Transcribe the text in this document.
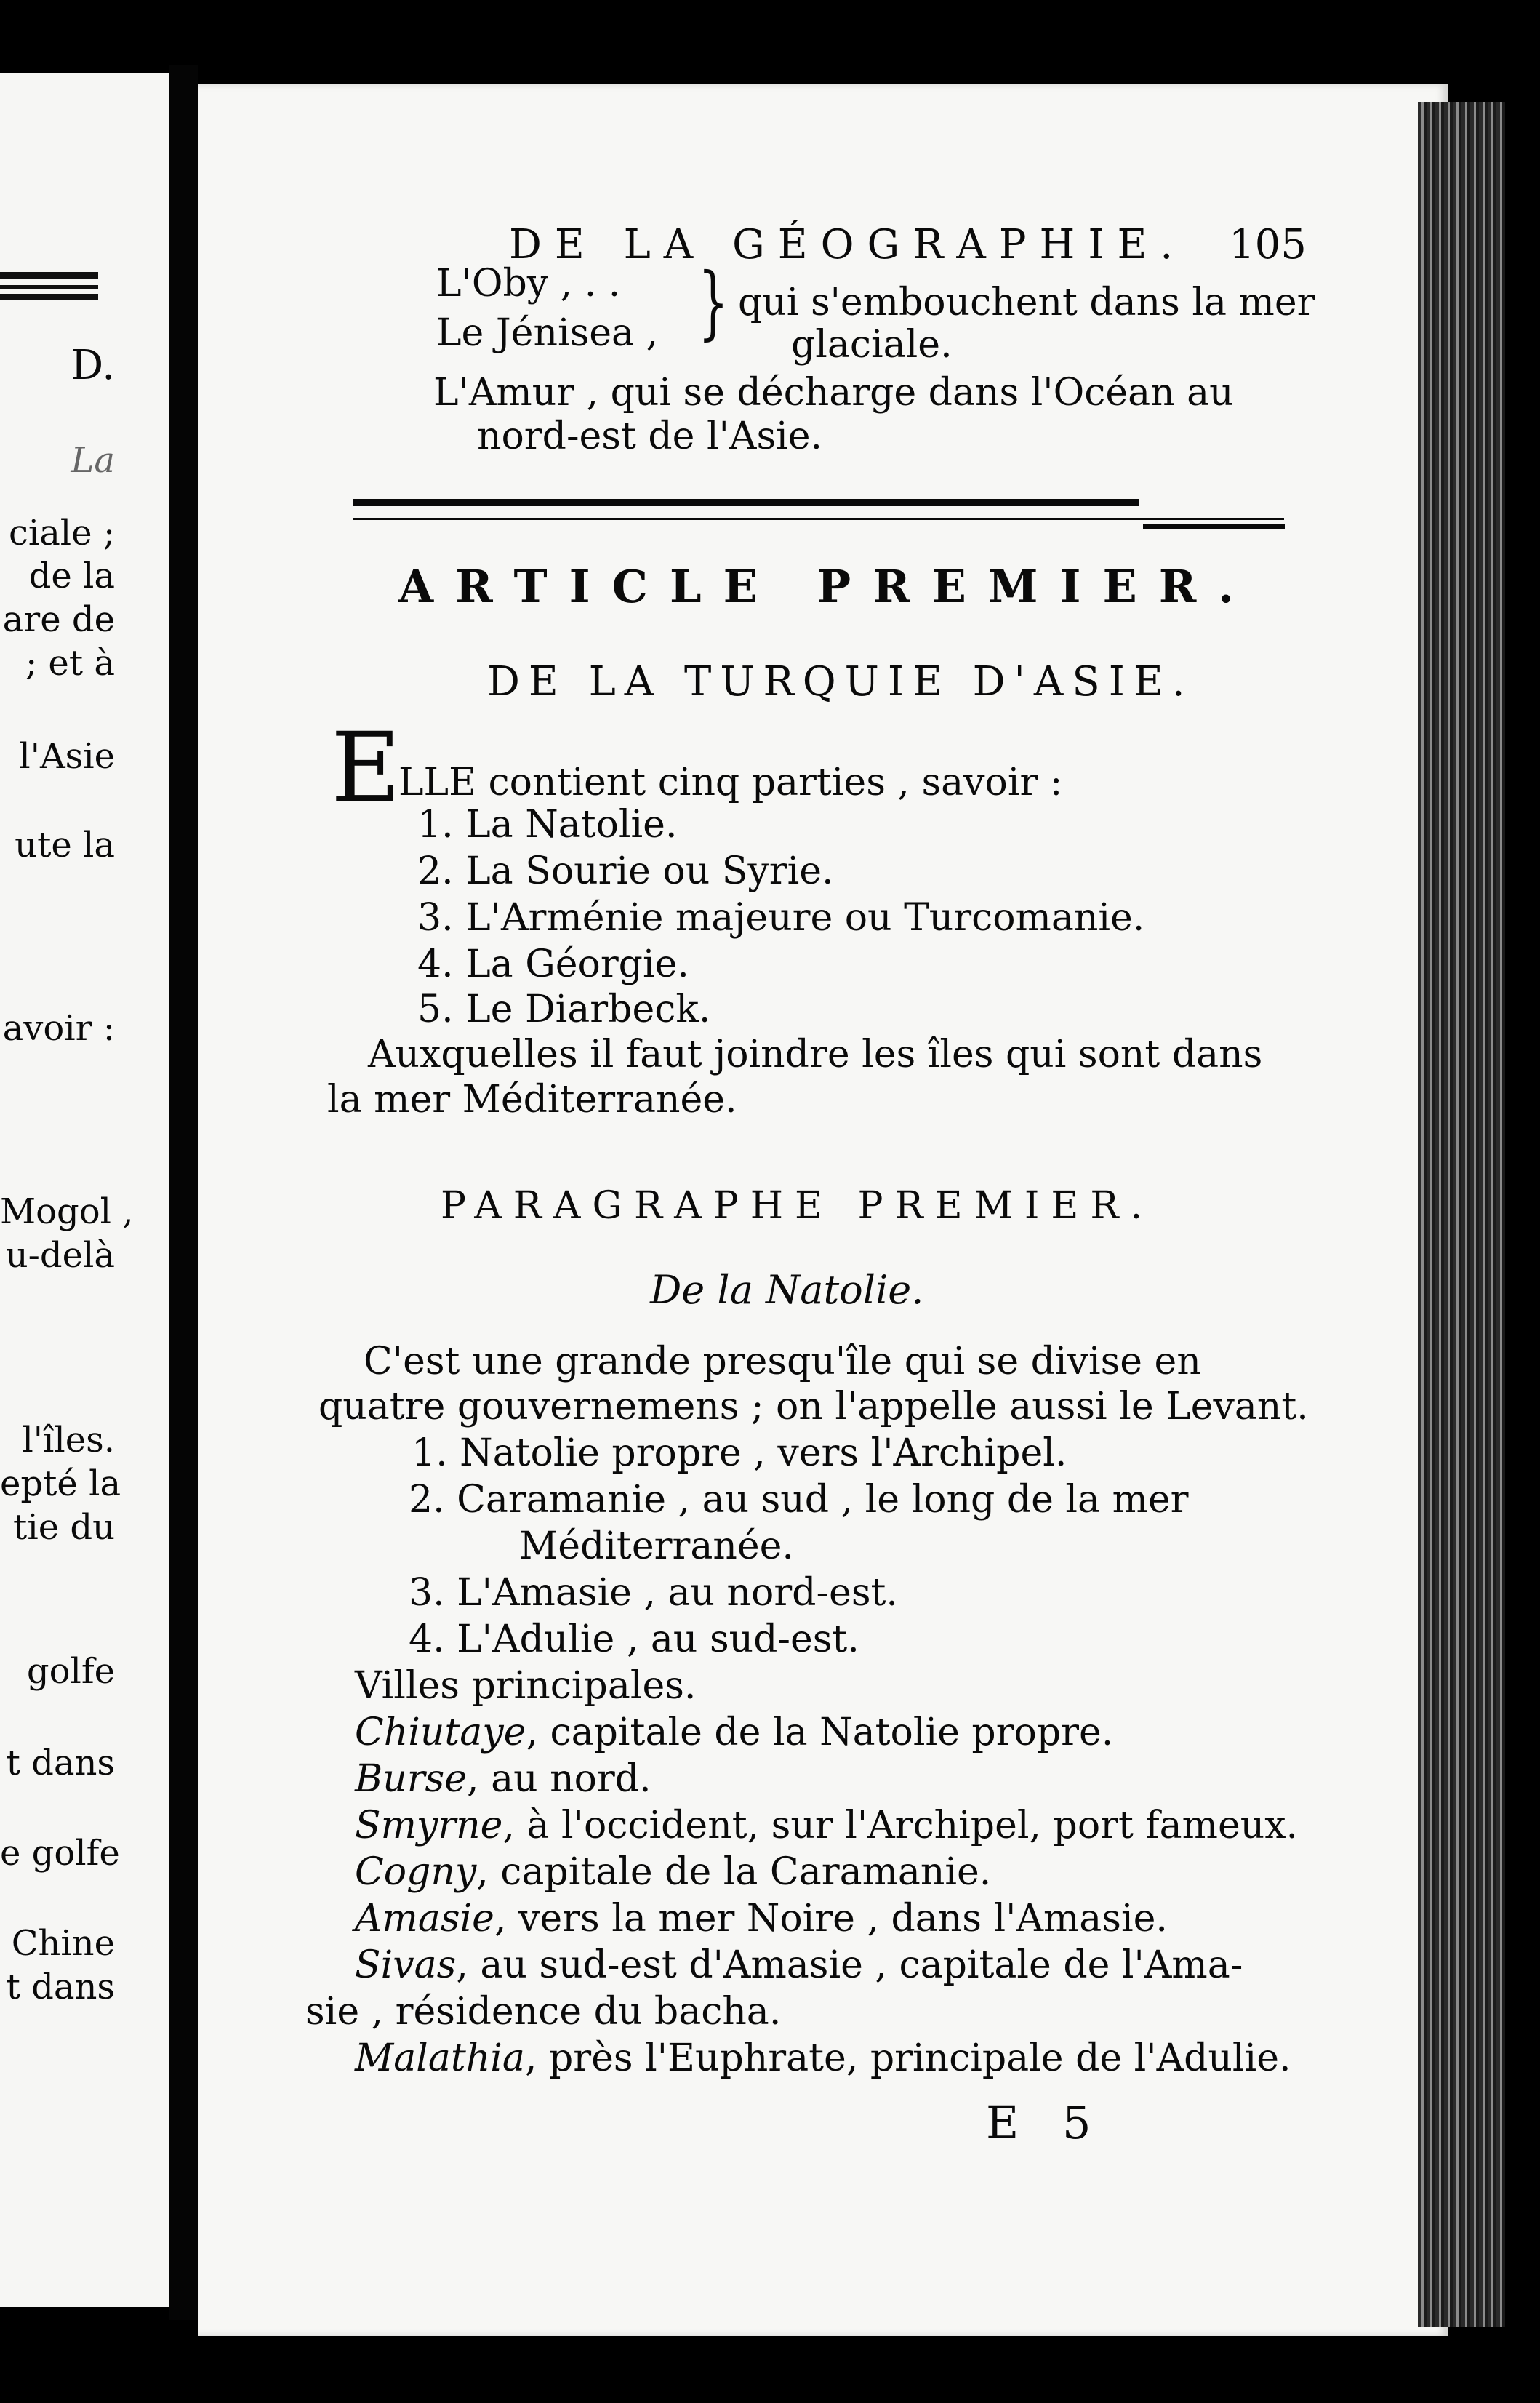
D.
La
ciale ;
de la
are de
; et à
l'Asie
ute la
avoir :
Mogol ,
u-delà
l'îles.
epté la
tie du
golfe
t dans
e golfe
Chine
t dans
DE LA GÉOGRAPHIE. 105
L'Oby , . .
Le Jénisea , } qui s'embouchent dans la mer
glaciale.
L'Amur , qui se décharge dans l'Océan au
nord-est de l'Asie.
ARTICLE PREMIER.
DE LA TURQUIE D'ASIE.
E
LLE contient cinq parties , savoir :
1. La Natolie.
2. La Sourie ou Syrie.
3. L'Arménie majeure ou Turcomanie.
4. La Géorgie.
5. Le Diarbeck.
Auxquelles il faut joindre les îles qui sont dans
la mer Méditerranée.
PARAGRAPHE PREMIER.
De la Natolie.
C'est une grande presqu'île qui se divise en
quatre gouvernemens ; on l'appelle aussi le Levant.
1. Natolie propre , vers l'Archipel.
2. Caramanie , au sud , le long de la mer
Méditerranée.
3. L'Amasie , au nord-est.
4. L'Adulie , au sud-est.
Villes principales.
Chiutaye, capitale de la Natolie propre.
Burse, au nord.
Smyrne, à l'occident, sur l'Archipel, port fameux.
Cogny, capitale de la Caramanie.
Amasie, vers la mer Noire , dans l'Amasie.
Sivas, au sud-est d'Amasie , capitale de l'Ama-
sie , résidence du bacha.
Malathia, près l'Euphrate, principale de l'Adulie.
E 5
